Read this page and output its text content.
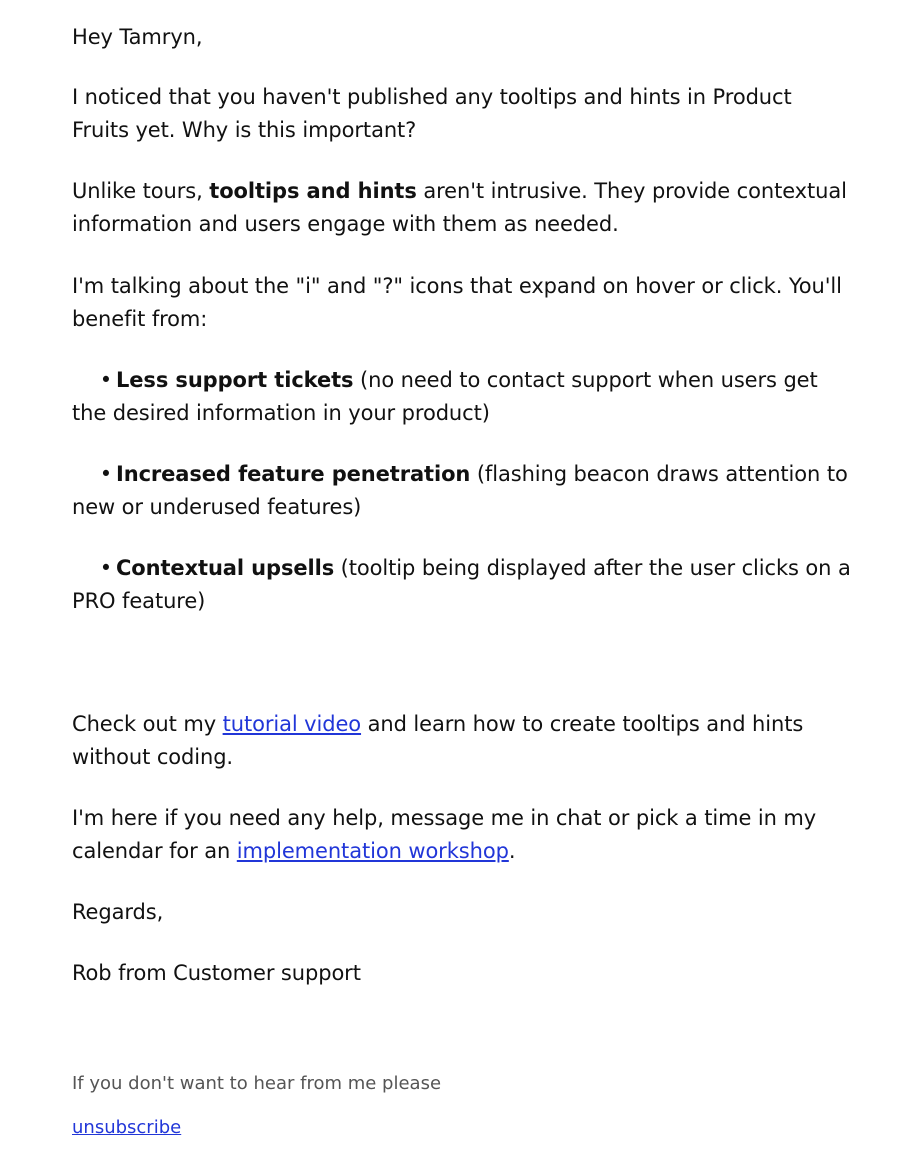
Hey Tamryn,

I noticed that you haven't published any tooltips and hints in Product Fruits yet. Why is this important?

Unlike tours, tooltips and hints aren't intrusive. They provide contextual information and users engage with them as needed.

I'm talking about the "i" and "?" icons that expand on hover or click. You'll benefit from:

• Less support tickets (no need to contact support when users get the desired information in your product)

• Increased feature penetration (flashing beacon draws attention to new or underused features)

• Contextual upsells (tooltip being displayed after the user clicks on a PRO feature)

Check out my tutorial video and learn how to create tooltips and hints without coding.

I'm here if you need any help, message me in chat or pick a time in my calendar for an implementation workshop.

Regards,

Rob from Customer support

If you don't want to hear from me please

unsubscribe
